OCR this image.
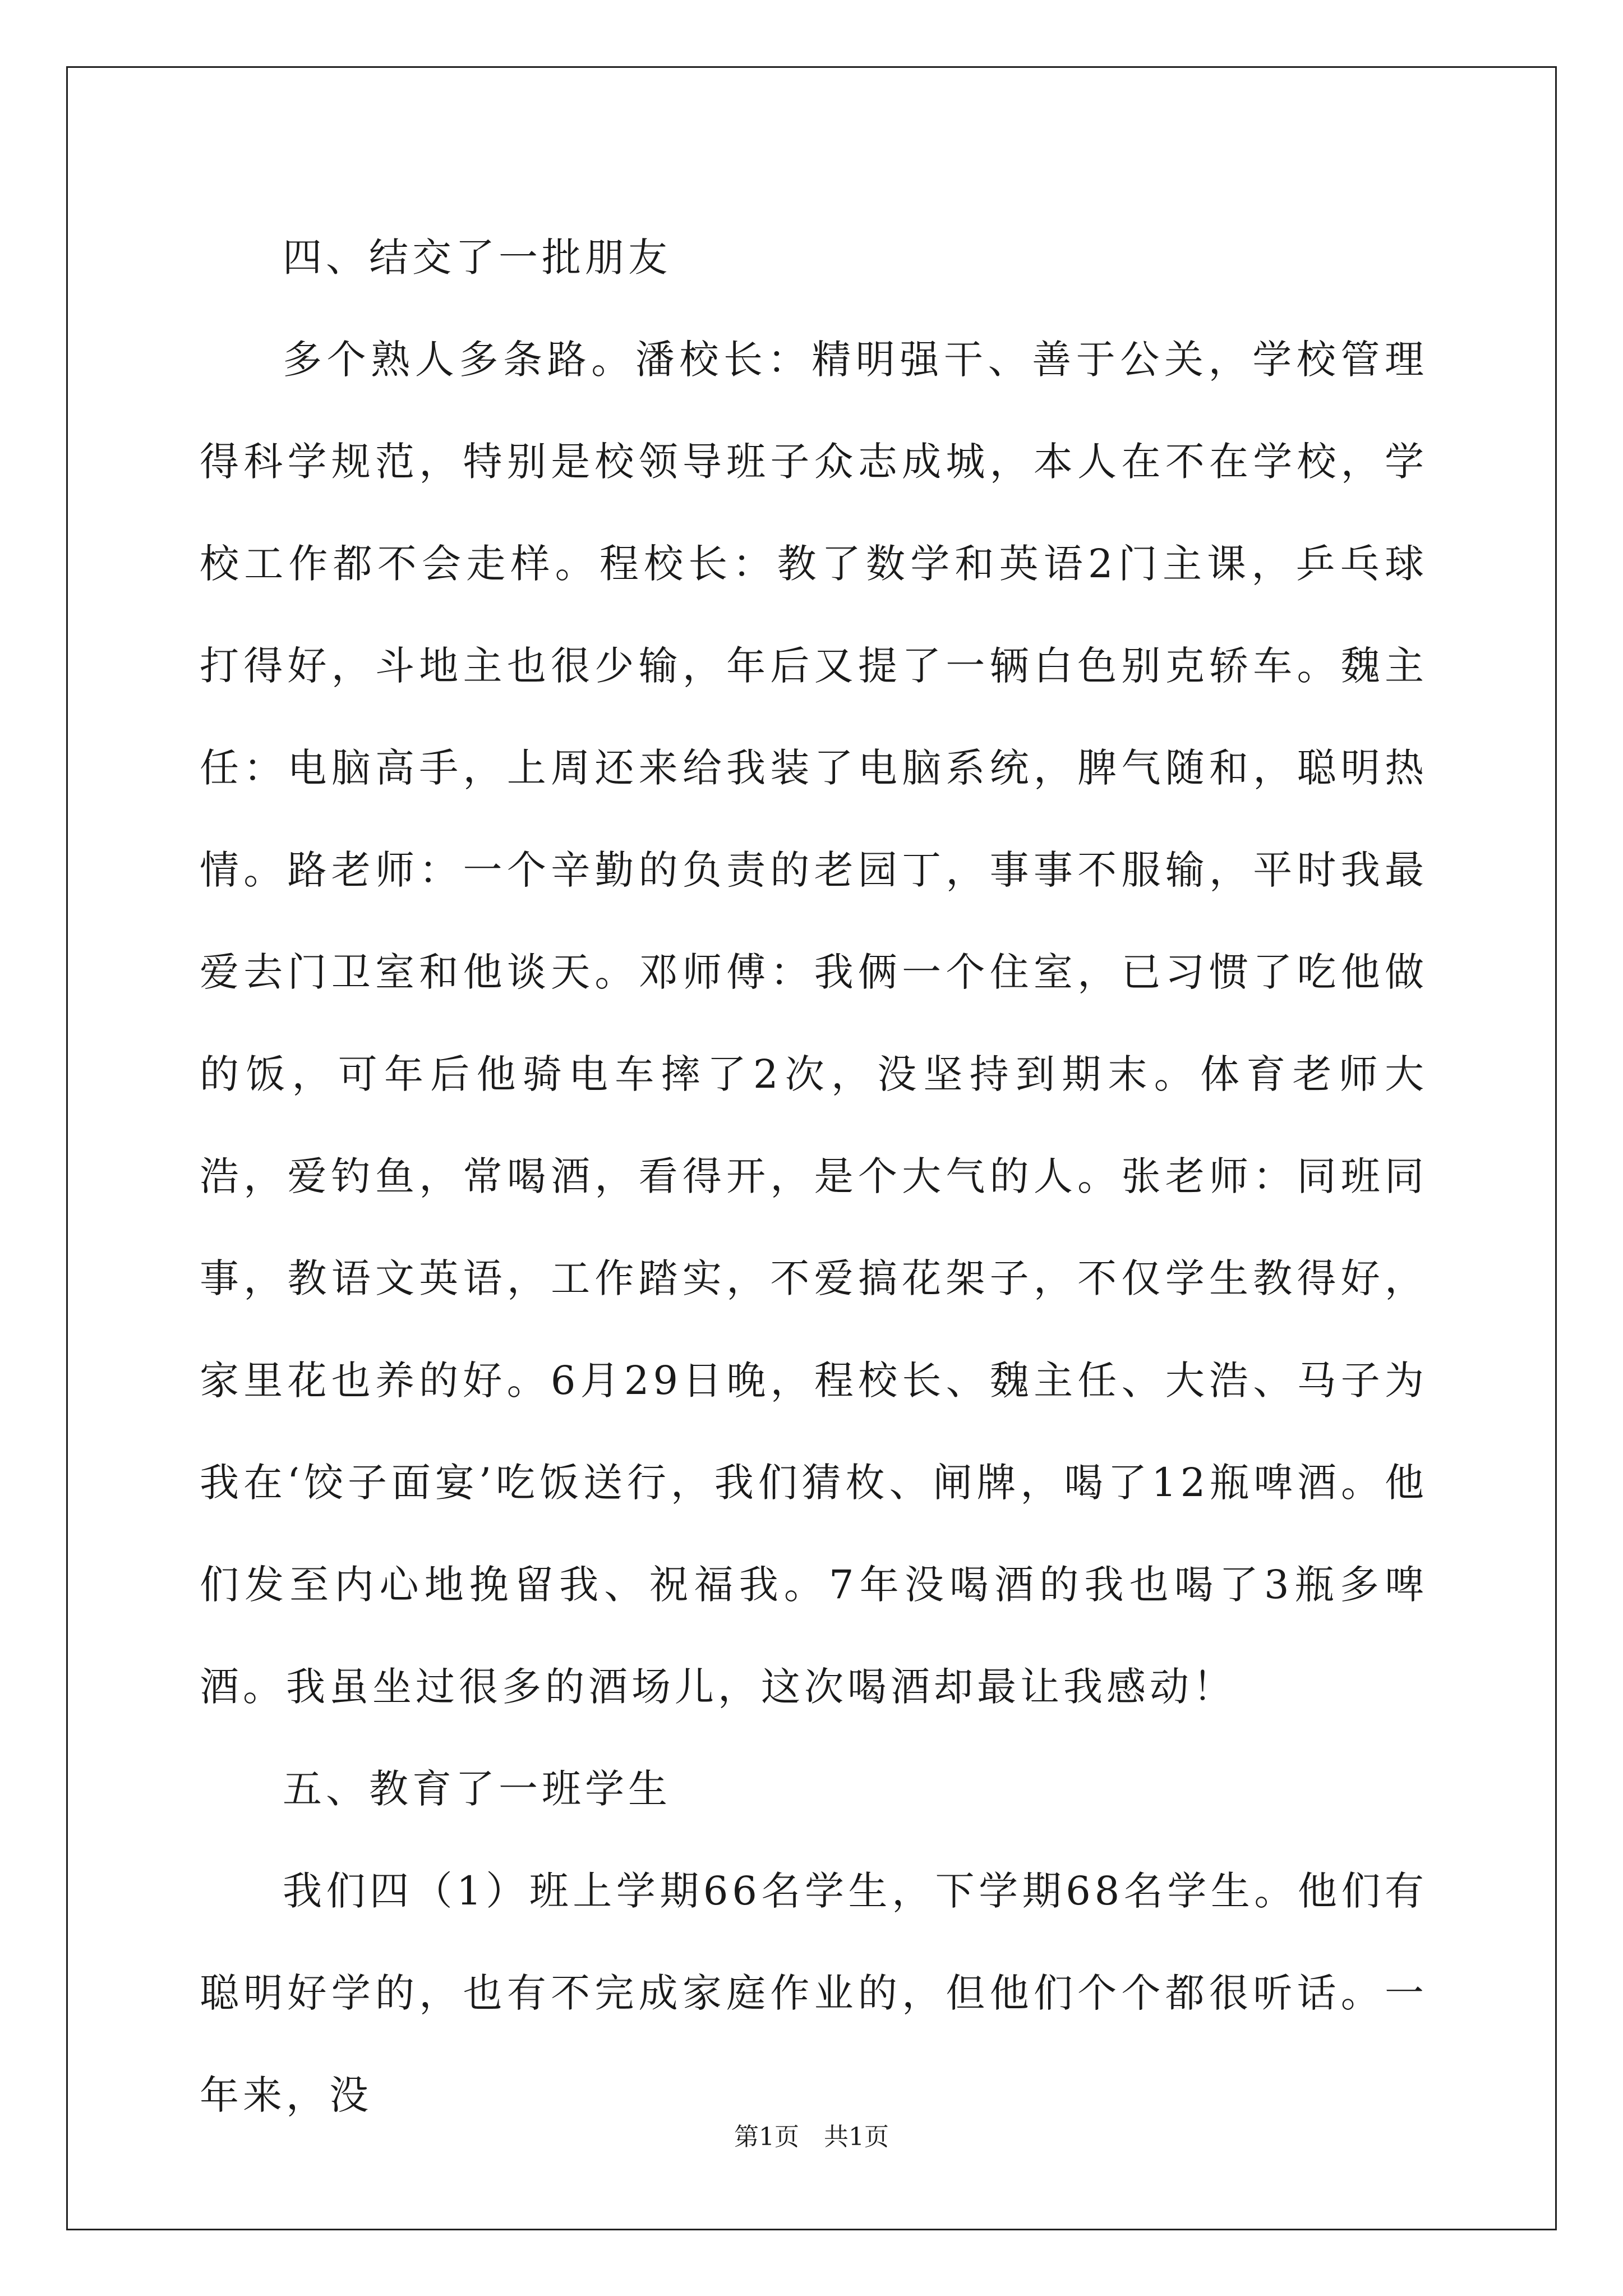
四、结交了一批朋友

多个熟人多条路。潘校长：精明强干、善于公关，学校管理得科学规范，特别是校领导班子众志成城，本人在不在学校，学校工作都不会走样。程校长：教了数学和英语2门主课，乒乓球打得好，斗地主也很少输，年后又提了一辆白色别克轿车。魏主任：电脑高手，上周还来给我装了电脑系统，脾气随和，聪明热情。路老师：一个辛勤的负责的老园丁，事事不服输，平时我最爱去门卫室和他谈天。邓师傅：我俩一个住室，已习惯了吃他做的饭，可年后他骑电车摔了2次，没坚持到期末。体育老师大浩，爱钓鱼，常喝酒，看得开，是个大气的人。张老师：同班同事，教语文英语，工作踏实，不爱搞花架子，不仅学生教得好，家里花也养的好。6月29日晚，程校长、魏主任、大浩、马子为我在‘饺子面宴’吃饭送行，我们猜枚、闸牌，喝了12瓶啤酒。他们发至内心地挽留我、祝福我。7年没喝酒的我也喝了3瓶多啤酒。我虽坐过很多的酒场儿，这次喝酒却最让我感动！

五、教育了一班学生

我们四（1）班上学期66名学生，下学期68名学生。他们有聪明好学的，也有不完成家庭作业的，但他们个个都很听话。一年来，没

第1页　共1页
